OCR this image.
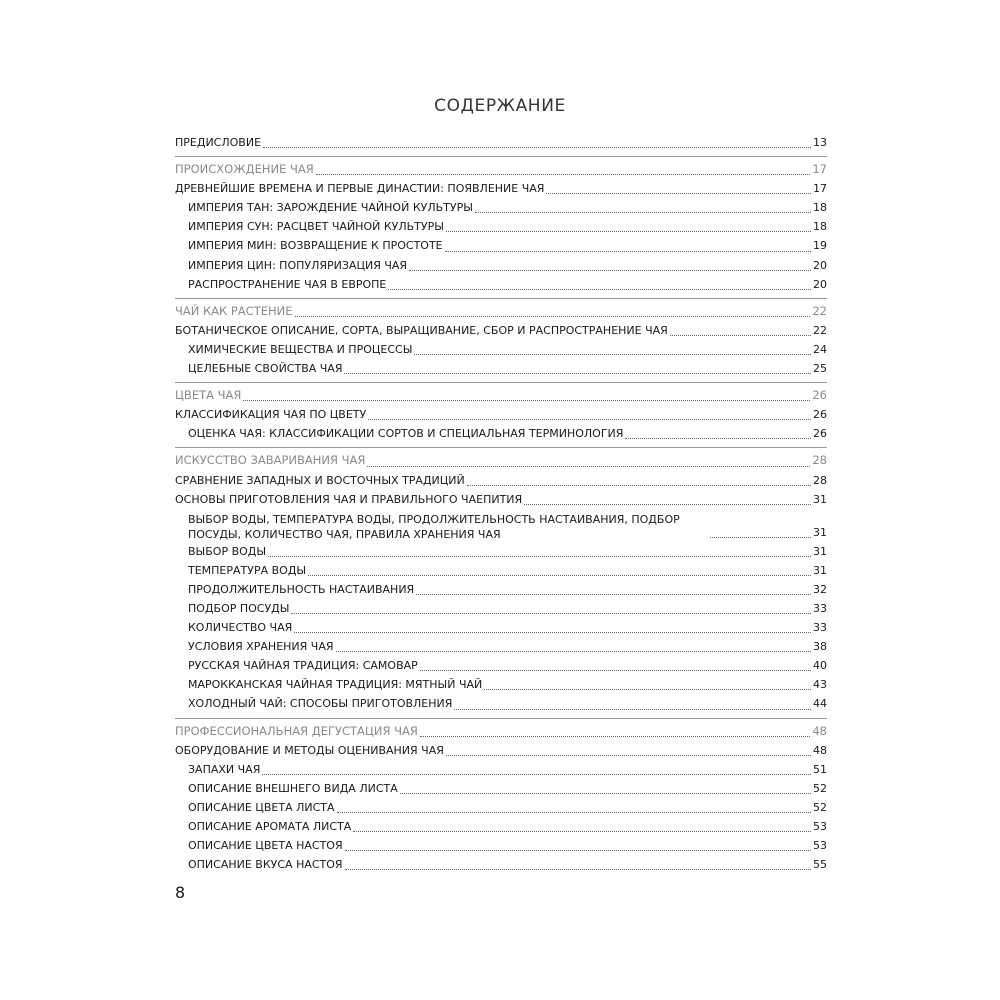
СОДЕРЖАНИЕ
ПРЕДИСЛОВИЕ	13
ПРОИСХОЖДЕНИЕ ЧАЯ	17
ДРЕВНЕЙШИЕ ВРЕМЕНА И ПЕРВЫЕ ДИНАСТИИ: ПОЯВЛЕНИЕ ЧАЯ	17
ИМПЕРИЯ ТАН: ЗАРОЖДЕНИЕ ЧАЙНОЙ КУЛЬТУРЫ	18
ИМПЕРИЯ СУН: РАСЦВЕТ ЧАЙНОЙ КУЛЬТУРЫ	18
ИМПЕРИЯ МИН: ВОЗВРАЩЕНИЕ К ПРОСТОТЕ	19
ИМПЕРИЯ ЦИН: ПОПУЛЯРИЗАЦИЯ ЧАЯ	20
РАСПРОСТРАНЕНИЕ ЧАЯ В ЕВРОПЕ	20
ЧАЙ КАК РАСТЕНИЕ	22
БОТАНИЧЕСКОЕ ОПИСАНИЕ, СОРТА, ВЫРАЩИВАНИЕ, СБОР И РАСПРОСТРАНЕНИЕ ЧАЯ	22
ХИМИЧЕСКИЕ ВЕЩЕСТВА И ПРОЦЕССЫ	24
ЦЕЛЕБНЫЕ СВОЙСТВА ЧАЯ	25
ЦВЕТА ЧАЯ	26
КЛАССИФИКАЦИЯ ЧАЯ ПО ЦВЕТУ	26
ОЦЕНКА ЧАЯ: КЛАССИФИКАЦИИ СОРТОВ И СПЕЦИАЛЬНАЯ ТЕРМИНОЛОГИЯ	26
ИСКУССТВО ЗАВАРИВАНИЯ ЧАЯ	28
СРАВНЕНИЕ ЗАПАДНЫХ И ВОСТОЧНЫХ ТРАДИЦИЙ	28
ОСНОВЫ ПРИГОТОВЛЕНИЯ ЧАЯ И ПРАВИЛЬНОГО ЧАЕПИТИЯ	31
ВЫБОР ВОДЫ, ТЕМПЕРАТУРА ВОДЫ, ПРОДОЛЖИТЕЛЬНОСТЬ НАСТАИВАНИЯ, ПОДБОР ПОСУДЫ, КОЛИЧЕСТВО ЧАЯ, ПРАВИЛА ХРАНЕНИЯ ЧАЯ	31
ВЫБОР ВОДЫ	31
ТЕМПЕРАТУРА ВОДЫ	31
ПРОДОЛЖИТЕЛЬНОСТЬ НАСТАИВАНИЯ	32
ПОДБОР ПОСУДЫ	33
КОЛИЧЕСТВО ЧАЯ	33
УСЛОВИЯ ХРАНЕНИЯ ЧАЯ	38
РУССКАЯ ЧАЙНАЯ ТРАДИЦИЯ: САМОВАР	40
МАРОККАНСКАЯ ЧАЙНАЯ ТРАДИЦИЯ: МЯТНЫЙ ЧАЙ	43
ХОЛОДНЫЙ ЧАЙ: СПОСОБЫ ПРИГОТОВЛЕНИЯ	44
ПРОФЕССИОНАЛЬНАЯ ДЕГУСТАЦИЯ ЧАЯ	48
ОБОРУДОВАНИЕ И МЕТОДЫ ОЦЕНИВАНИЯ ЧАЯ	48
ЗАПАХИ ЧАЯ	51
ОПИСАНИЕ ВНЕШНЕГО ВИДА ЛИСТА	52
ОПИСАНИЕ ЦВЕТА ЛИСТА	52
ОПИСАНИЕ АРОМАТА ЛИСТА	53
ОПИСАНИЕ ЦВЕТА НАСТОЯ	53
ОПИСАНИЕ ВКУСА НАСТОЯ	55
8
